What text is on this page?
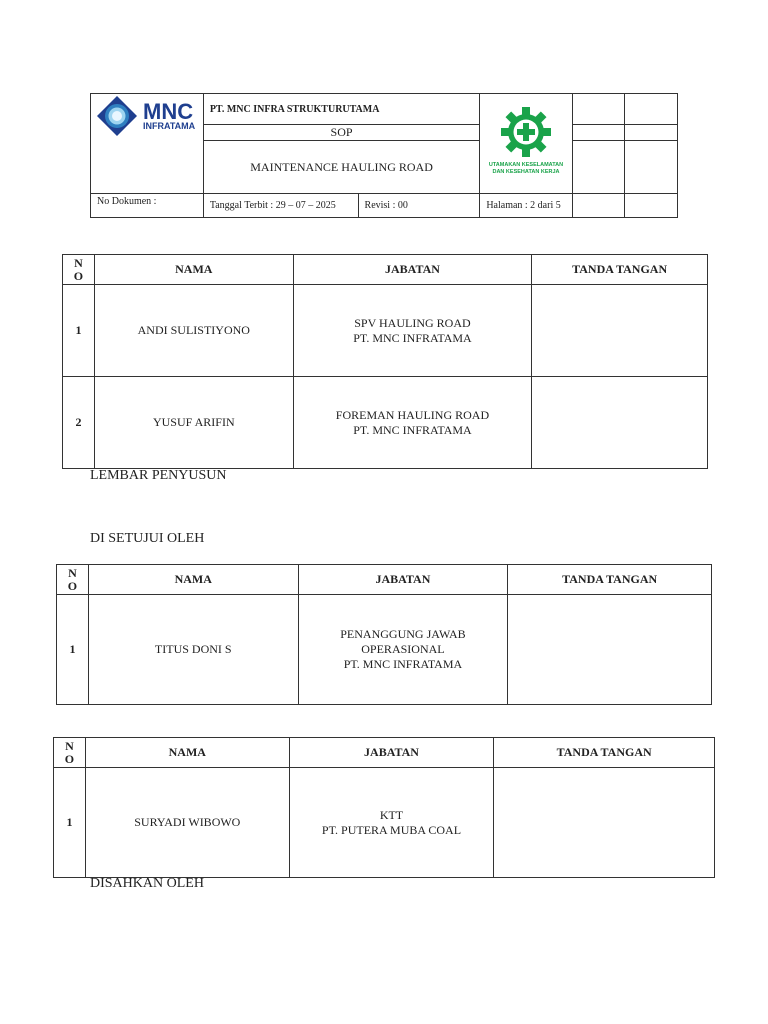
MNC
INFRATAMA	PT. MNC INFRA STRUKTURUTAMA		UTAMAKAN KESELAMATAN
DAN KESEHATAN KERJA		

	SOP				
	MAINTENANCE HAULING ROAD				
No Dokumen :	Tanggal Terbit : 29 – 07 – 2025	Revisi : 00	Halaman : 2 dari 5		
N
O	NAMA	JABATAN	TANDA TANGAN
1	ANDI SULISTIYONO	SPV HAULING ROAD
PT. MNC INFRATAMA	
2	YUSUF ARIFIN	FOREMAN HAULING ROAD
PT. MNC INFRATAMA	
LEMBAR PENYUSUN
DI SETUJUI OLEH
N
O	NAMA	JABATAN	TANDA TANGAN
1	TITUS DONI S	PENANGGUNG JAWAB
OPERASIONAL
PT. MNC INFRATAMA	
N
O	NAMA	JABATAN	TANDA TANGAN
1	SURYADI WIBOWO	KTT
PT. PUTERA MUBA COAL	
DISAHKAN OLEH
